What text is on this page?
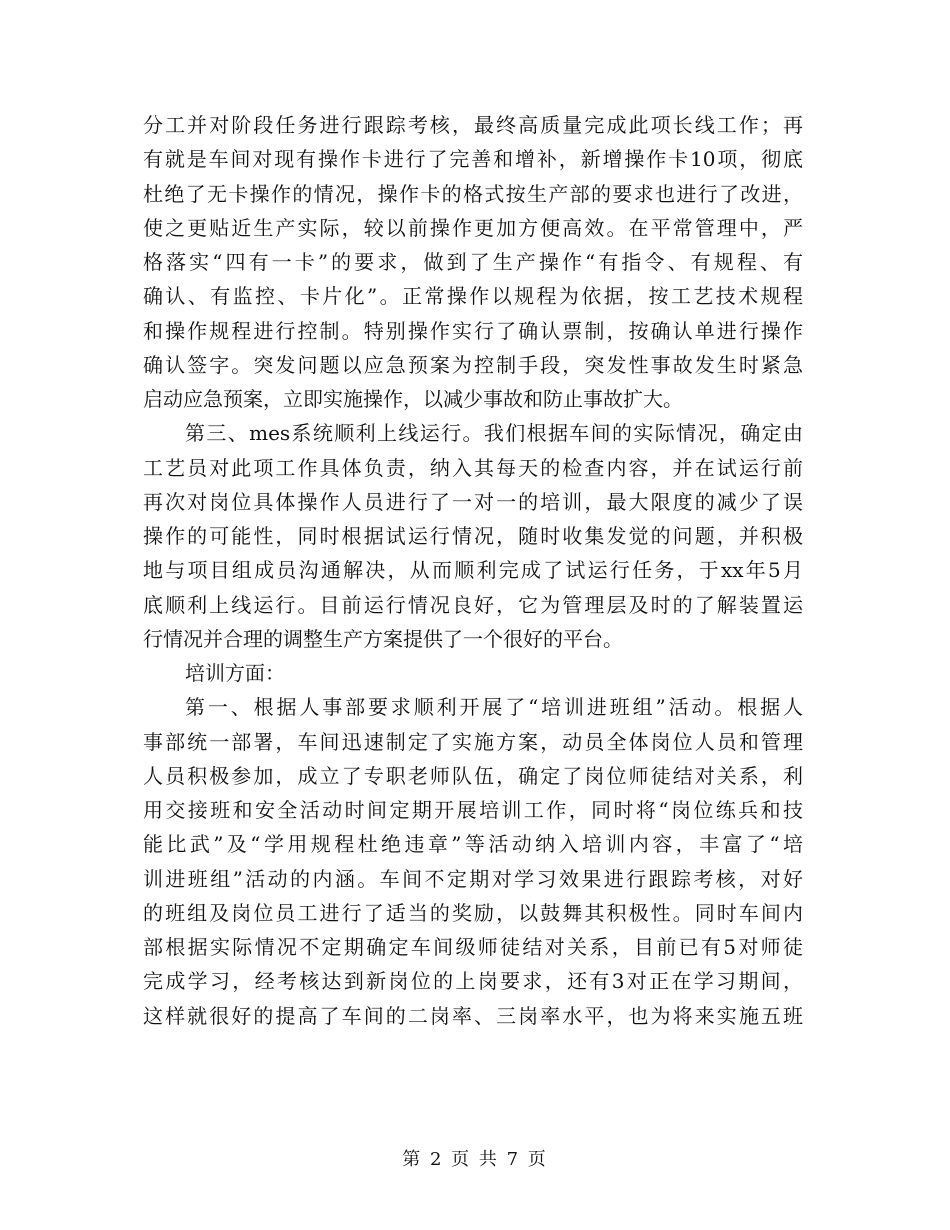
分工并对阶段任务进行跟踪考核，最终高质量完成此项长线工作；再
有就是车间对现有操作卡进行了完善和增补，新增操作卡10项，彻底
杜绝了无卡操作的情况，操作卡的格式按生产部的要求也进行了改进，
使之更贴近生产实际，较以前操作更加方便高效。在平常管理中，严
格落实“四有一卡”的要求，做到了生产操作“有指令、有规程、有
确认、有监控、卡片化”。正常操作以规程为依据，按工艺技术规程
和操作规程进行控制。特别操作实行了确认票制，按确认单进行操作
确认签字。突发问题以应急预案为控制手段，突发性事故发生时紧急
启动应急预案，立即实施操作，以减少事故和防止事故扩大。
第三、mes系统顺利上线运行。我们根据车间的实际情况，确定由
工艺员对此项工作具体负责，纳入其每天的检查内容，并在试运行前
再次对岗位具体操作人员进行了一对一的培训，最大限度的减少了误
操作的可能性，同时根据试运行情况，随时收集发觉的问题，并积极
地与项目组成员沟通解决，从而顺利完成了试运行任务，于xx年5月
底顺利上线运行。目前运行情况良好，它为管理层及时的了解装置运
行情况并合理的调整生产方案提供了一个很好的平台。
培训方面：
第一、根据人事部要求顺利开展了“培训进班组”活动。根据人
事部统一部署，车间迅速制定了实施方案，动员全体岗位人员和管理
人员积极参加，成立了专职老师队伍，确定了岗位师徒结对关系，利
用交接班和安全活动时间定期开展培训工作，同时将“岗位练兵和技
能比武”及“学用规程杜绝违章”等活动纳入培训内容，丰富了“培
训进班组”活动的内涵。车间不定期对学习效果进行跟踪考核，对好
的班组及岗位员工进行了适当的奖励，以鼓舞其积极性。同时车间内
部根据实际情况不定期确定车间级师徒结对关系，目前已有5对师徒
完成学习，经考核达到新岗位的上岗要求，还有3对正在学习期间，
这样就很好的提高了车间的二岗率、三岗率水平，也为将来实施五班
第 2 页 共 7 页
